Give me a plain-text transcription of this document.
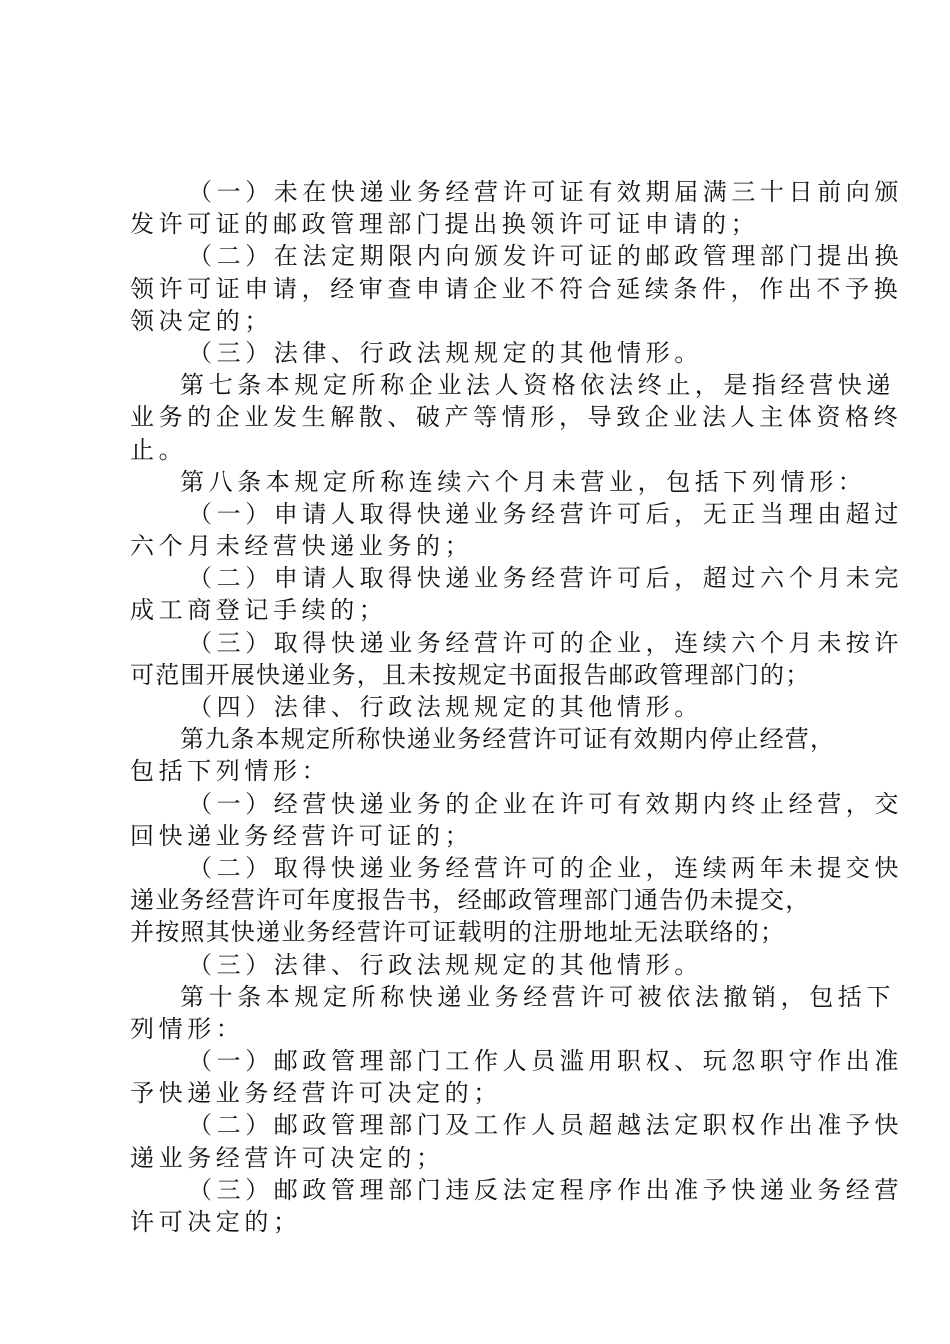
（一）未在快递业务经营许可证有效期届满三十日前向颁
发许可证的邮政管理部门提出换领许可证申请的；
（二）在法定期限内向颁发许可证的邮政管理部门提出换
领许可证申请，经审查申请企业不符合延续条件，作出不予换
领决定的；
（三）法律、行政法规规定的其他情形。
第七条本规定所称企业法人资格依法终止，是指经营快递
业务的企业发生解散、破产等情形，导致企业法人主体资格终
止。
第八条本规定所称连续六个月未营业，包括下列情形：
（一）申请人取得快递业务经营许可后，无正当理由超过
六个月未经营快递业务的；
（二）申请人取得快递业务经营许可后，超过六个月未完
成工商登记手续的；
（三）取得快递业务经营许可的企业，连续六个月未按许
可范围开展快递业务，且未按规定书面报告邮政管理部门的；
（四）法律、行政法规规定的其他情形。
第九条本规定所称快递业务经营许可证有效期内停止经营，
包括下列情形：
（一）经营快递业务的企业在许可有效期内终止经营，交
回快递业务经营许可证的；
（二）取得快递业务经营许可的企业，连续两年未提交快
递业务经营许可年度报告书，经邮政管理部门通告仍未提交，
并按照其快递业务经营许可证载明的注册地址无法联络的；
（三）法律、行政法规规定的其他情形。
第十条本规定所称快递业务经营许可被依法撤销，包括下
列情形：
（一）邮政管理部门工作人员滥用职权、玩忽职守作出准
予快递业务经营许可决定的；
（二）邮政管理部门及工作人员超越法定职权作出准予快
递业务经营许可决定的；
（三）邮政管理部门违反法定程序作出准予快递业务经营
许可决定的；
